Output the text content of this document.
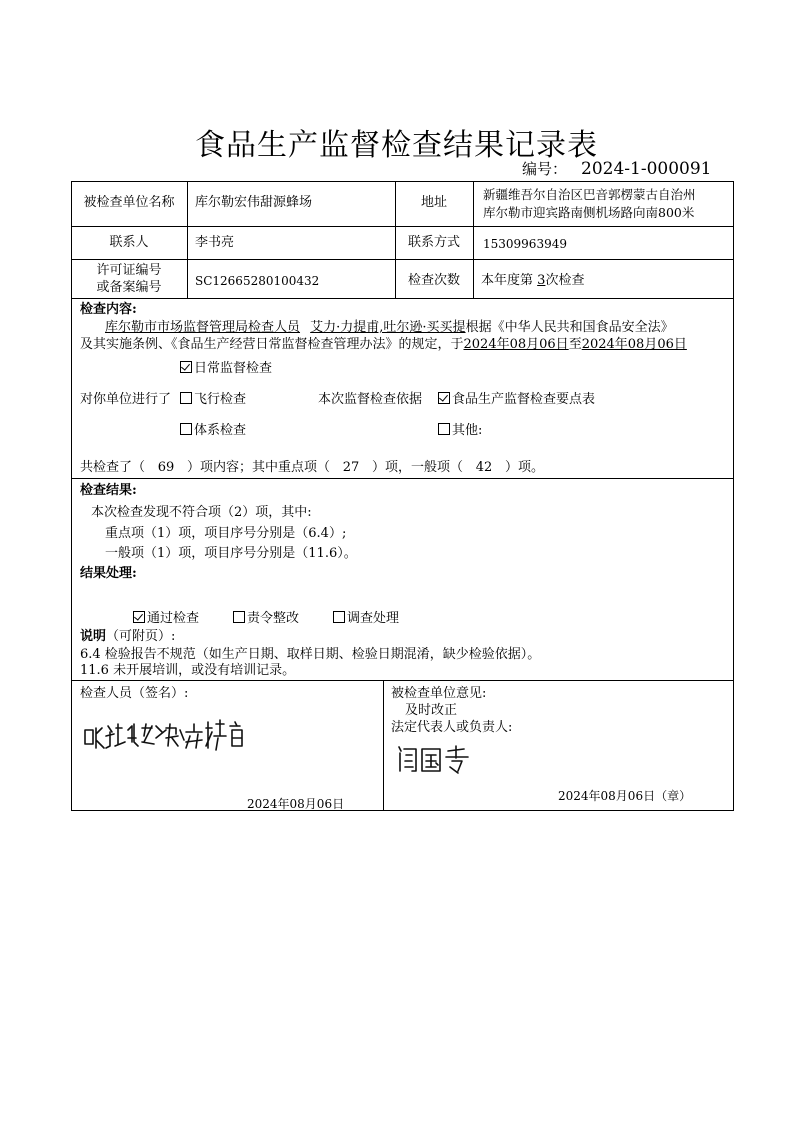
食品生产监督检查结果记录表
编号： 2024-1-000091
被检查单位名称	库尔勒宏伟甜源蜂场	地址
新疆维吾尔自治区巴音郭楞蒙古自治州
库尔勒市迎宾路南侧机场路向南800米
联系人	李书亮	联系方式	15309963949
许可证编号
或备案编号	SC12665280100432	检查次数	本年度第 3次检查
检查内容:
库尔勒市市场监督管理局检查人员 艾力·力提甫,吐尔逊·买买提根据《中华人民共和国食品安全法》
及其实施条例、《食品生产经营日常监督检查管理办法》的规定，于2024年08月06日至2024年08月06日
日常监督检查
对你单位进行了	飞行检查	本次监督检查依据	食品生产监督检查要点表
体系检查	其他:
共检查了（ 69 ）项内容；其中重点项（ 27 ）项，一般项（ 42 ）项。
检查结果:
本次检查发现不符合项（2）项，其中:
重点项（1）项，项目序号分别是（6.4）;
一般项（1）项，项目序号分别是（11.6）。
结果处理:
通过检查	责令整改	调查处理
说明（可附页）:
6.4 检验报告不规范（如生产日期、取样日期、检验日期混淆，缺少检验依据）。
11.6 未开展培训，或没有培训记录。
检查人员（签名）:
2024年08月06日
被检查单位意见:
及时改正
法定代表人或负责人:
2024年08月06日（章）
